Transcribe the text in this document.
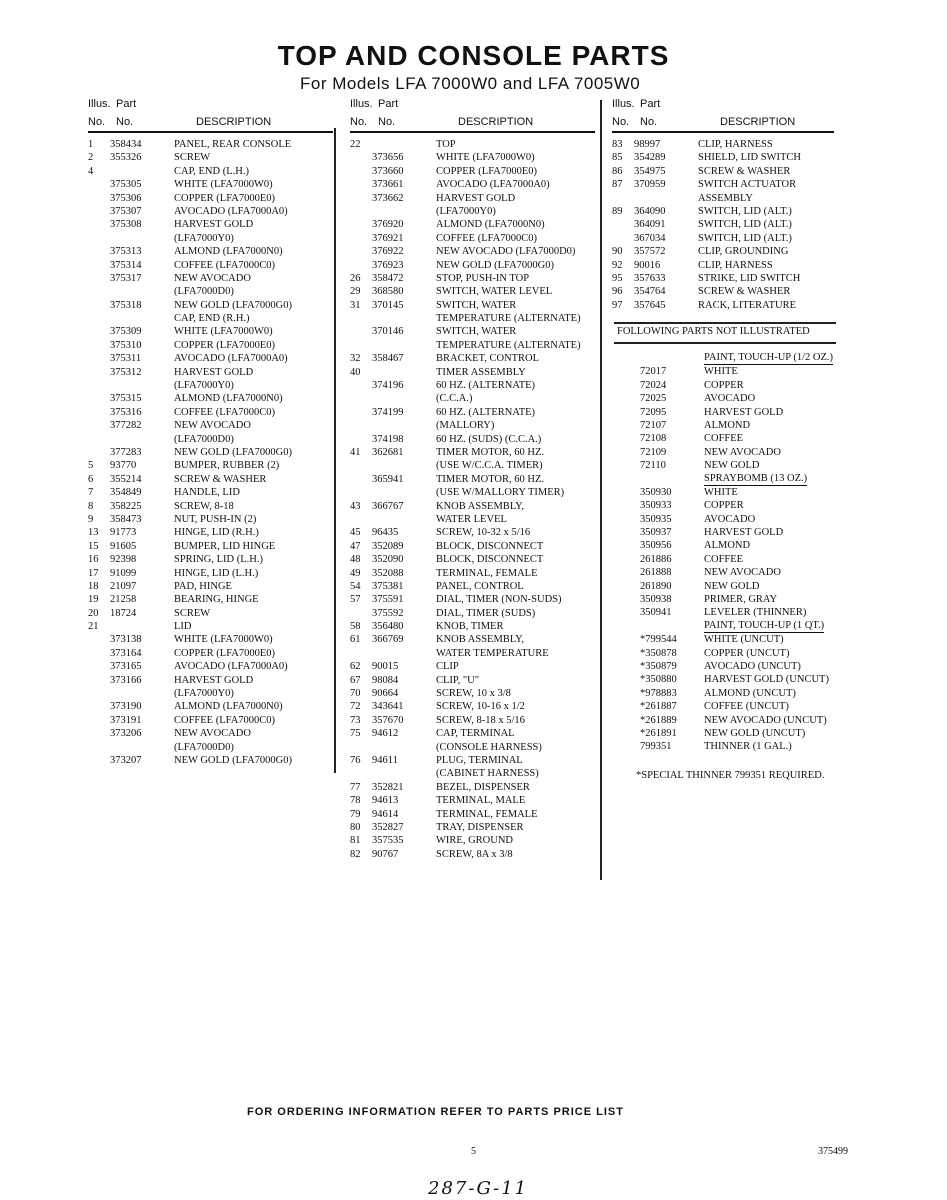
TOP AND CONSOLE PARTS
For Models LFA 7000W0 and LFA 7005W0
Illus. Part
No. No.	DESCRIPTION
1 358434	PANEL, REAR CONSOLE
2 355326	SCREW
4	CAP, END (L.H.)
375305	WHITE (LFA7000W0)
375306	COPPER (LFA7000E0)
375307	AVOCADO (LFA7000A0)
375308	HARVEST GOLD
(LFA7000Y0)
375313	ALMOND (LFA7000N0)
375314	COFFEE (LFA7000C0)
375317	NEW AVOCADO
(LFA7000D0)
375318	NEW GOLD (LFA7000G0)
CAP, END (R.H.)
375309	WHITE (LFA7000W0)
375310	COPPER (LFA7000E0)
375311	AVOCADO (LFA7000A0)
375312	HARVEST GOLD
(LFA7000Y0)
375315	ALMOND (LFA7000N0)
375316	COFFEE (LFA7000C0)
377282	NEW AVOCADO
(LFA7000D0)
377283	NEW GOLD (LFA7000G0)
5 93770	BUMPER, RUBBER (2)
6 355214	SCREW & WASHER
7 354849	HANDLE, LID
8 358225	SCREW, 8-18
9 358473	NUT, PUSH-IN (2)
13 91773	HINGE, LID (R.H.)
15 91605	BUMPER, LID HINGE
16 92398	SPRING, LID (L.H.)
17 91099	HINGE, LID (L.H.)
18 21097	PAD, HINGE
19 21258	BEARING, HINGE
20 18724	SCREW
21	LID
373138	WHITE (LFA7000W0)
373164	COPPER (LFA7000E0)
373165	AVOCADO (LFA7000A0)
373166	HARVEST GOLD
(LFA7000Y0)
373190	ALMOND (LFA7000N0)
373191	COFFEE (LFA7000C0)
373206	NEW AVOCADO
(LFA7000D0)
373207	NEW GOLD (LFA7000G0)
Illus. Part
No. No.	DESCRIPTION
22	TOP
373656	WHITE (LFA7000W0)
373660	COPPER (LFA7000E0)
373661	AVOCADO (LFA7000A0)
373662	HARVEST GOLD
(LFA7000Y0)
376920	ALMOND (LFA7000N0)
376921	COFFEE (LFA7000C0)
376922	NEW AVOCADO (LFA7000D0)
376923	NEW GOLD (LFA7000G0)
26 358472	STOP, PUSH-IN TOP
29 368580	SWITCH, WATER LEVEL
31 370145	SWITCH, WATER
TEMPERATURE (ALTERNATE)
370146	SWITCH, WATER
TEMPERATURE (ALTERNATE)
32 358467	BRACKET, CONTROL
40	TIMER ASSEMBLY
374196	60 HZ. (ALTERNATE)
(C.C.A.)
374199	60 HZ. (ALTERNATE)
(MALLORY)
374198	60 HZ. (SUDS) (C.C.A.)
41 362681	TIMER MOTOR, 60 HZ.
(USE W/C.C.A. TIMER)
365941	TIMER MOTOR, 60 HZ.
(USE W/MALLORY TIMER)
43 366767	KNOB ASSEMBLY,
WATER LEVEL
45 96435	SCREW, 10-32 x 5/16
47 352089	BLOCK, DISCONNECT
48 352090	BLOCK, DISCONNECT
49 352088	TERMINAL, FEMALE
54 375381	PANEL, CONTROL
57 375591	DIAL, TIMER (NON-SUDS)
375592	DIAL, TIMER (SUDS)
58 356480	KNOB, TIMER
61 366769	KNOB ASSEMBLY,
WATER TEMPERATURE
62 90015	CLIP
67 98084	CLIP, "U"
70 90664	SCREW, 10 x 3/8
72 343641	SCREW, 10-16 x 1/2
73 357670	SCREW, 8-18 x 5/16
75 94612	CAP, TERMINAL
(CONSOLE HARNESS)
76 94611	PLUG, TERMINAL
(CABINET HARNESS)
77 352821	BEZEL, DISPENSER
78 94613	TERMINAL, MALE
79 94614	TERMINAL, FEMALE
80 352827	TRAY, DISPENSER
81 357535	WIRE, GROUND
82 90767	SCREW, 8A x 3/8
Illus. Part
No. No.	DESCRIPTION
83 98997	CLIP, HARNESS
85 354289	SHIELD, LID SWITCH
86 354975	SCREW & WASHER
87 370959	SWITCH ACTUATOR
ASSEMBLY
89 364090	SWITCH, LID (ALT.)
364091	SWITCH, LID (ALT.)
367034	SWITCH, LID (ALT.)
90 357572	CLIP, GROUNDING
92 90016	CLIP, HARNESS
95 357633	STRIKE, LID SWITCH
96 354764	SCREW & WASHER
97 357645	RACK, LITERATURE
FOLLOWING PARTS NOT ILLUSTRATED
PAINT, TOUCH-UP (1/2 OZ.)
72017	WHITE
72024	COPPER
72025	AVOCADO
72095	HARVEST GOLD
72107	ALMOND
72108	COFFEE
72109	NEW AVOCADO
72110	NEW GOLD
SPRAYBOMB (13 OZ.)
350930	WHITE
350933	COPPER
350935	AVOCADO
350937	HARVEST GOLD
350956	ALMOND
261886	COFFEE
261888	NEW AVOCADO
261890	NEW GOLD
350938	PRIMER, GRAY
350941	LEVELER (THINNER)
PAINT, TOUCH-UP (1 QT.)
*799544	WHITE (UNCUT)
*350878	COPPER (UNCUT)
*350879	AVOCADO (UNCUT)
*350880	HARVEST GOLD (UNCUT)
*978883	ALMOND (UNCUT)
*261887	COFFEE (UNCUT)
*261889	NEW AVOCADO (UNCUT)
*261891	NEW GOLD (UNCUT)
799351	THINNER (1 GAL.)
*SPECIAL THINNER 799351 REQUIRED.
FOR ORDERING INFORMATION REFER TO PARTS PRICE LIST
5	375499
287-G-11
